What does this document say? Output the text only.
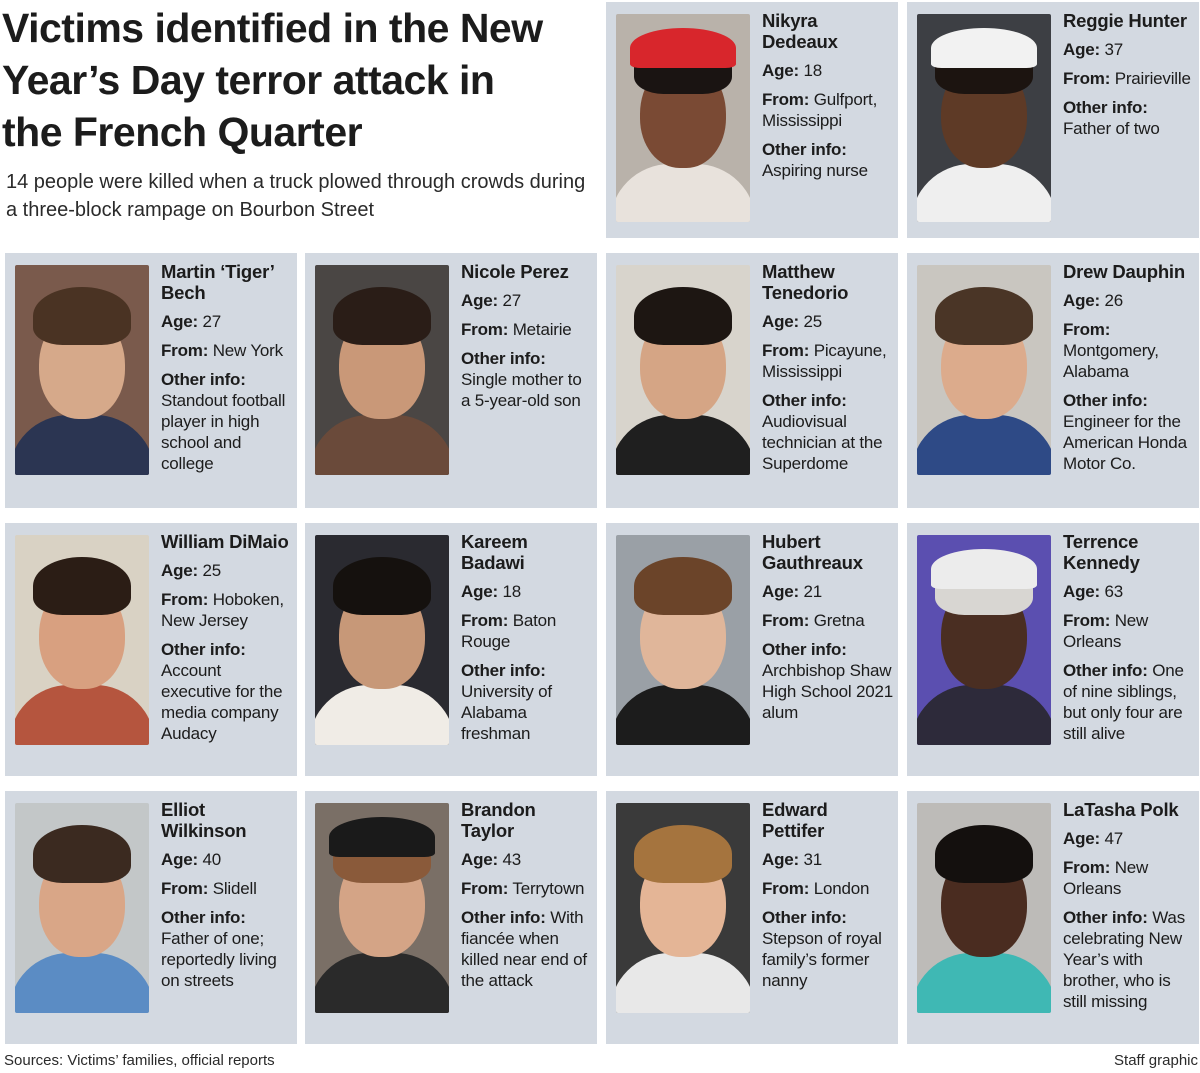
Victims identified in the New Year’s Day terror attack in the French Quarter

14 people were killed when a truck plowed through crowds during a three-block rampage on Bourbon Street

Nikyra Dedeaux
Age: 18
From: Gulfport, Mississippi
Other info: Aspiring nurse
Reggie Hunter
Age: 37
From: Prairieville
Other info: Father of two
Martin ‘Tiger’ Bech
Age: 27
From: New York
Other info: Standout football player in high school and college
Nicole Perez
Age: 27
From: Metairie
Other info: Single mother to a 5-year-old son
Matthew Tenedorio
Age: 25
From: Picayune, Mississippi
Other info: Audiovisual technician at the Superdome
Drew Dauphin
Age: 26
From: Montgomery, Alabama
Other info: Engineer for the American Honda Motor Co.
William DiMaio
Age: 25
From: Hoboken, New Jersey
Other info: Account executive for the media company Audacy
Kareem Badawi
Age: 18
From: Baton Rouge
Other info: University of Alabama freshman
Hubert Gauthreaux
Age: 21
From: Gretna
Other info: Archbishop Shaw High School 2021 alum
Terrence Kennedy
Age: 63
From: New Orleans
Other info: One of nine siblings, but only four are still alive
Elliot Wilkinson
Age: 40
From: Slidell
Other info: Father of one; reportedly living on streets
Brandon Taylor
Age: 43
From: Terrytown
Other info: With fiancée when killed near end of the attack
Edward Pettifer
Age: 31
From: London
Other info: Stepson of royal family’s former nanny
LaTasha Polk
Age: 47
From: New Orleans
Other info: Was celebrating New Year’s with brother, who is still missing
Sources: Victims’ families, official reports	Staff graphic
